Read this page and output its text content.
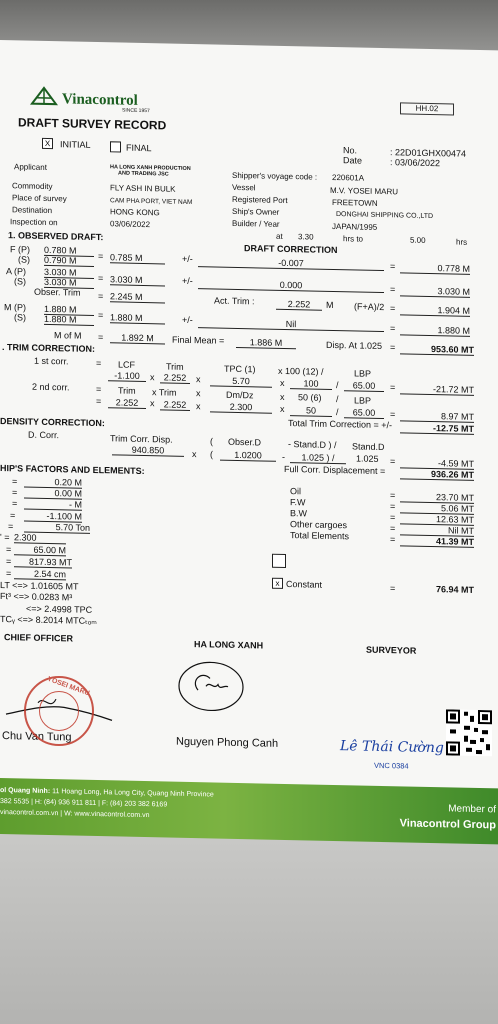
Vinacontrol
SINCE 1957	HH.02
DRAFT SURVEY RECORD
X	INITIAL	FINAL	No.	: 22D01GHX00474
Date	: 03/06/2022
Applicant	HA LONG XANH PRODUCTION
AND TRADING JSC
Commodity	FLY ASH IN BULK
Place of survey	CAM PHA PORT, VIET NAM
Destination	HONG KONG
Inspection on	03/06/2022
Shipper's voyage code : 220601A
Vessel	M.V. YOSEI MARU
Registered Port	FREETOWN
Ship's Owner	DONGHAI SHIPPING CO.,LTD
Builder / Year	JAPAN/1995
at 3.30	hrs to	5.00	hrs
1. OBSERVED DRAFT:
DRAFT CORRECTION
F (P) 0.780 M
(S) 0.790 M	= 0.785 M	+/-	-0.007	=	0.778 M
A (P) 3.030 M
(S) 3.030 M	= 3.030 M	+/-	0.000	=	3.030 M
Obser. Trim = 2.245 M	Act. Trim :	2.252	M (F+A)/2 =	1.904 M
M (P) 1.880 M
(S) 1.880 M	= 1.880 M	+/-	Nil	=	1.880 M
M of M =	1.892 M	Final Mean =	1.886 M	Disp. At 1.025 =	953.60 MT
. TRIM CORRECTION:
1 st corr.	= LCF	Trim	TPC (1)	x 100 (12) /	LBP
-1.100	x	2.252	x	5.70	x	100	/	65.00	=	-21.72 MT
2 nd corr.	= Trim x Trim x	Dm/Dz	x 50 (6) / LBP
=	2.252	x	2.252	x	2.300	x	50	/	65.00	=	8.97 MT
Total Trim Correction = +/-	-12.75 MT
DENSITY CORRECTION:
D. Corr.	Trim Corr. Disp.	( Obser.D	- Stand.D ) / Stand.D
940.850	x (	1.0200	-	1.025 ) /	1.025 =	-4.59 MT
Full Corr. Displacement =	936.26 MT
HIP'S FACTORS AND ELEMENTS:
=	0.20 M
=	0.00 M
=	- M
=	-1.100 M
=	5.70 Ton
' = 2.300
=	65.00 M
=	817.93 MT
=	2.54 cm
LT <=> 1.01605 MT
Ft³ <=> 0.0283 M³
<=> 2.4998 TPC
TCᵧ <=> 8.2014 MTCₜₒₘ
Oil	=	23.70 MT
F.W	=	5.06 MT
B.W	=	12.63 MT
Other cargoes	=	Nil MT
Total Elements	=	41.39 MT
x Constant	=	76.94 MT
CHIEF OFFICER
HA LONG XANH	SURVEYOR
Chu Van Tung	Nguyen Phong Canh	Lê Thái Cường
VNC 0384
ol Quang Ninh: 11 Hoang Long, Ha Long City, Quang Ninh Province
382 5535 | H: (84) 936 911 811 | F: (84) 203 382 6169
vinacontrol.com.vn | W: www.vinacontrol.com.vn	Member of
Vinacontrol Group
YOSEI MARU
